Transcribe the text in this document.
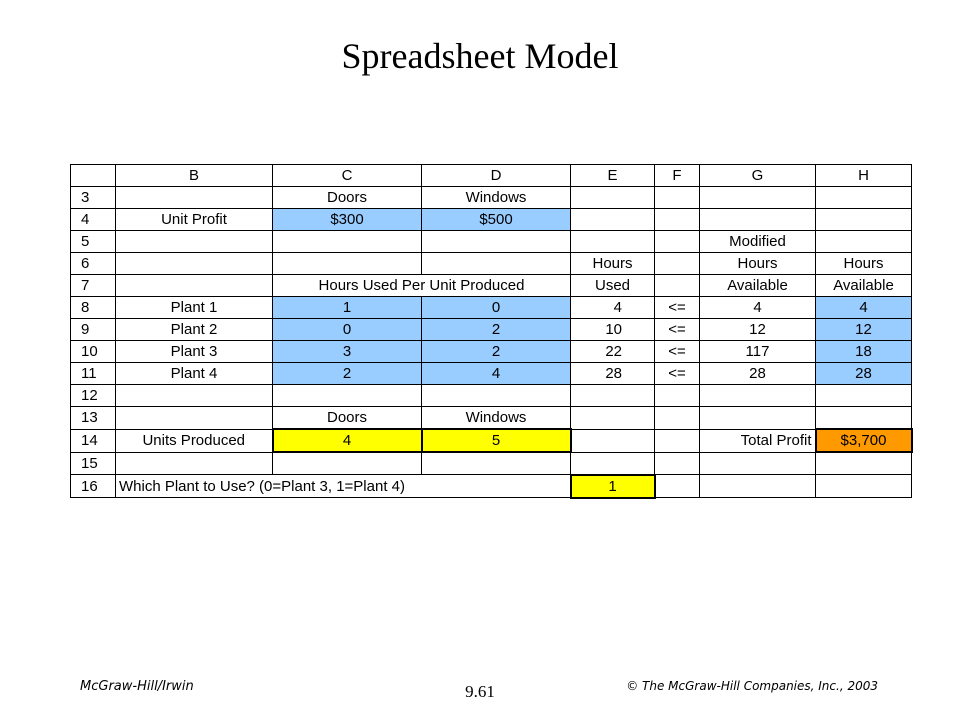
Spreadsheet Model
	B	C	D	E	F	G	H
3		Doors	Windows				
4	Unit Profit	$300	$500				
5						Modified	
6				Hours		Hours	Hours
7		Hours Used Per Unit Produced		Used		Available	Available
8	Plant 1	1	0	4	<=	4	4
9	Plant 2	0	2	10	<=	12	12
10	Plant 3	3	2	22	<=	117	18
11	Plant 4	2	4	28	<=	28	28
12							
13		Doors	Windows				
14	Units Produced	4	5			Total Profit	$3,700
15							
16	Which Plant to Use? (0=Plant 3, 1=Plant 4)			1			
McGraw-Hill/Irwin	9.61	© The McGraw-Hill Companies, Inc., 2003
